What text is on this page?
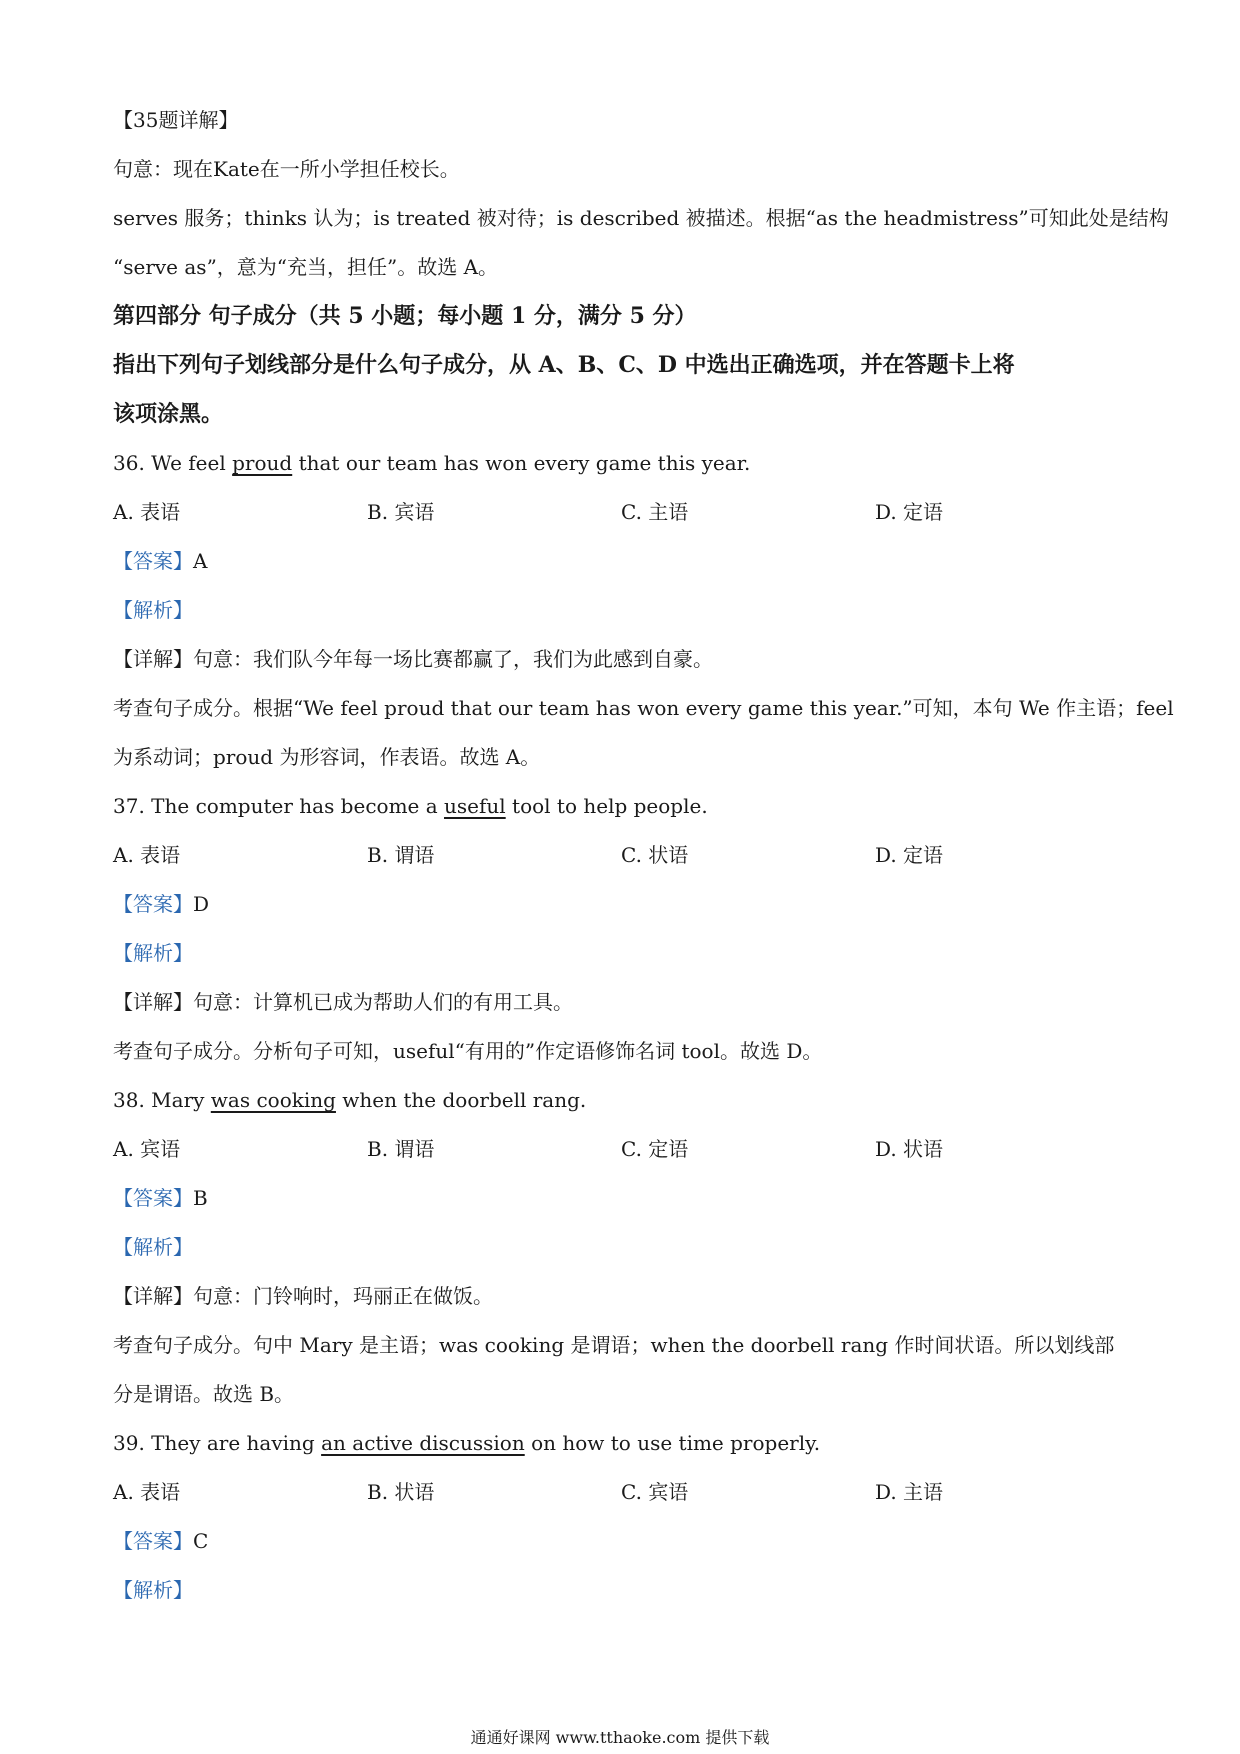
【35题详解】
句意：现在Kate在一所小学担任校长。
serves 服务；thinks 认为；is treated 被对待；is described 被描述。根据“as the headmistress”可知此处是结构
“serve as”，意为“充当，担任”。故选 A。
第四部分 句子成分（共 5 小题；每小题 1 分，满分 5 分）
指出下列句子划线部分是什么句子成分，从 A、B、C、D 中选出正确选项，并在答题卡上将
该项涂黑。
36. We feel proud that our team has won every game this year.
A. 表语	B. 宾语	C. 主语	D. 定语
【答案】A
【解析】
【详解】句意：我们队今年每一场比赛都赢了，我们为此感到自豪。
考查句子成分。根据“We feel proud that our team has won every game this year.”可知，本句 We 作主语；feel
为系动词；proud 为形容词，作表语。故选 A。
37. The computer has become a useful tool to help people.
A. 表语	B. 谓语	C. 状语	D. 定语
【答案】D
【解析】
【详解】句意：计算机已成为帮助人们的有用工具。
考查句子成分。分析句子可知，useful“有用的”作定语修饰名词 tool。故选 D。
38. Mary was cooking when the doorbell rang.
A. 宾语	B. 谓语	C. 定语	D. 状语
【答案】B
【解析】
【详解】句意：门铃响时，玛丽正在做饭。
考查句子成分。句中 Mary 是主语；was cooking 是谓语；when the doorbell rang 作时间状语。所以划线部
分是谓语。故选 B。
39. They are having an active discussion on how to use time properly.
A. 表语	B. 状语	C. 宾语	D. 主语
【答案】C
【解析】
通通好课网 www.tthaoke.com 提供下载
